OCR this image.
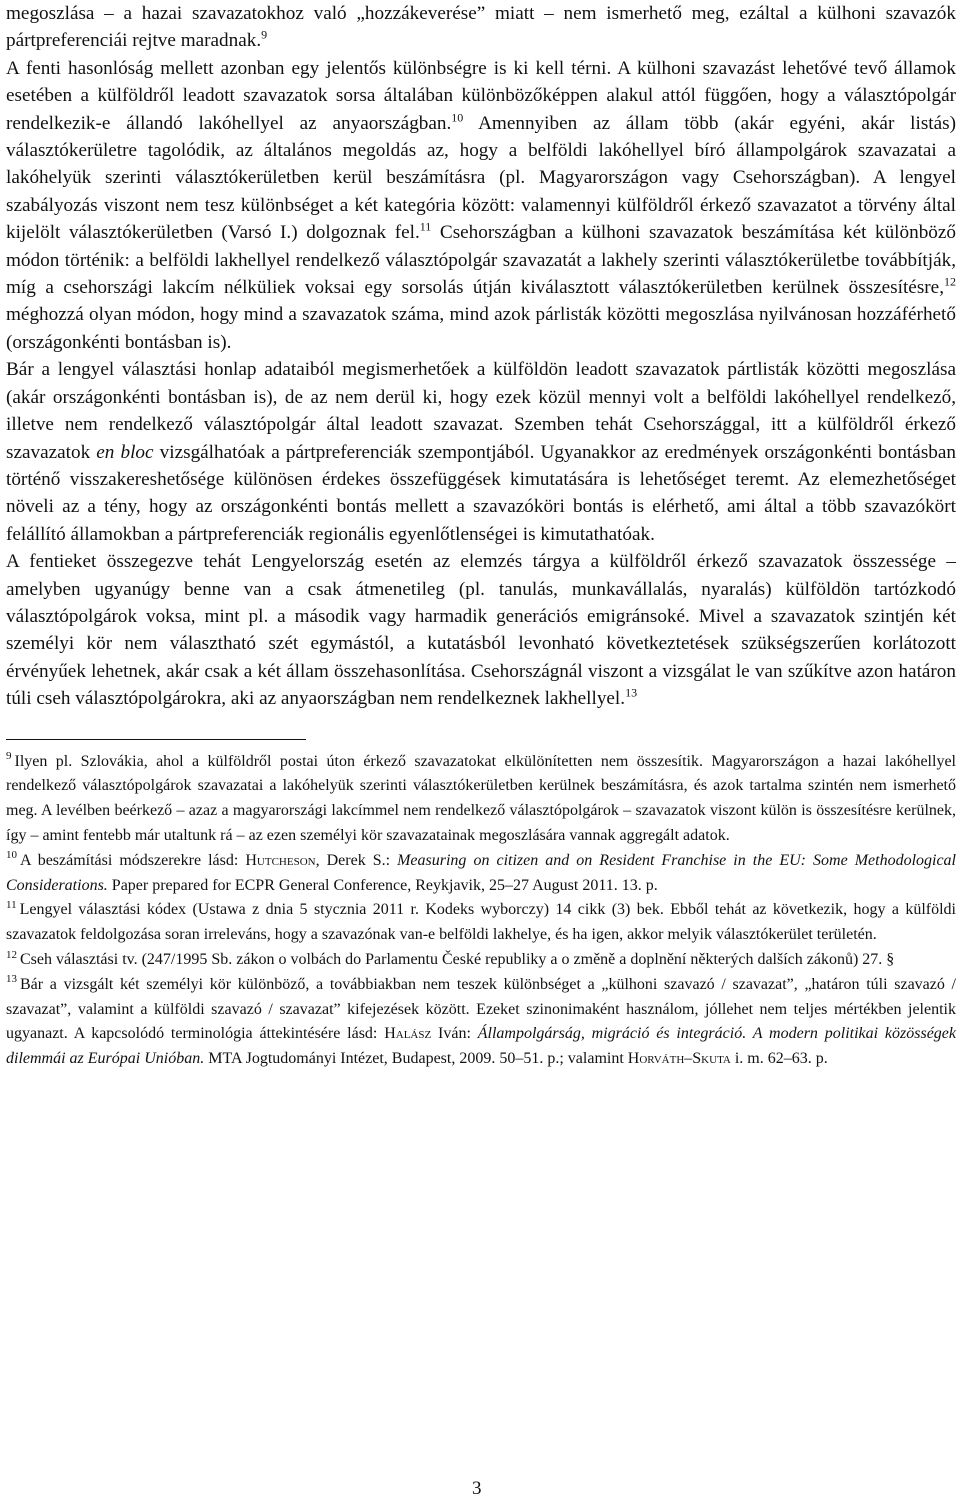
megoszlása – a hazai szavazatokhoz való „hozzákeverése” miatt – nem ismerhető meg, ezáltal a külhoni szavazók pártpreferenciái rejtve maradnak.$^9$
A fenti hasonlóság mellett azonban egy jelentős különbségre is ki kell térni. A külhoni szavazást lehetővé tevő államok esetében a külföldről leadott szavazatok sorsa általában különbözőképpen alakul attól függően, hogy a választópolgár rendelkezik-e állandó lakóhellyel az anyaországban.$^{10}$ Amennyiben az állam több (akár egyéni, akár listás) választókerületre tagolódik, az általános megoldás az, hogy a belföldi lakóhellyel bíró állampolgárok szavazatai a lakóhelyük szerinti választókerületben kerül beszámításra (pl. Magyarországon vagy Csehországban). A lengyel szabályozás viszont nem tesz különbséget a két kategória között: valamennyi külföldről érkező szavazatot a törvény által kijelölt választókerületben (Varsó I.) dolgoznak fel.$^{11}$ Csehországban a külhoni szavazatok beszámítása két különböző módon történik: a belföldi lakhellyel rendelkező választópolgár szavazatát a lakhely szerinti választókerületbe továbbítják, míg a csehországi lakcím nélküliek voksai egy sorsolás útján kiválasztott választókerületben kerülnek összesítésre,$^{12}$ méghozzá olyan módon, hogy mind a szavazatok száma, mind azok párlisták közötti megoszlása nyilvánosan hozzáférhető (országonkénti bontásban is).

Bár a lengyel választási honlap adataiból megismerhetőek a külföldön leadott szavazatok pártlisták közötti megoszlása (akár országonkénti bontásban is), de az nem derül ki, hogy ezek közül mennyi volt a belföldi lakóhellyel rendelkező, illetve nem rendelkező választópolgár által leadott szavazat. Szemben tehát Csehországgal, itt a külföldről érkező szavazatok en bloc vizsgálhatóak a pártpreferenciák szempontjából. Ugyanakkor az eredmények országonkénti bontásban történő visszakereshetősége különösen érdekes összefüggések kimutatására is lehetőséget teremt. Az elemezhetőséget növeli az a tény, hogy az országonkénti bontás mellett a szavazóköri bontás is elérhető, ami által a több szavazókört felállító államokban a pártpreferenciák regionális egyenlőtlenségei is kimutathatóak.

A fentieket összegezve tehát Lengyelország esetén az elemzés tárgya a külföldről érkező szavazatok összessége – amelyben ugyanúgy benne van a csak átmenetileg (pl. tanulás, munkavállalás, nyaralás) külföldön tartózkodó választópolgárok voksa, mint pl. a második vagy harmadik generációs emigránsoké. Mivel a szavazatok szintjén két személyi kör nem választható szét egymástól, a kutatásból levonható következtetések szükségszerűen korlátozott érvényűek lehetnek, akár csak a két állam összehasonlítása. Csehországnál viszont a vizsgálat le van szűkítve azon határon túli cseh választópolgárokra, aki az anyaországban nem rendelkeznek lakhellyel.$^{13}$

$^9$ Ilyen pl. Szlovákia, ahol a külföldről postai úton érkező szavazatokat elkülönítetten nem összesítik. Magyarországon a hazai lakóhellyel rendelkező választópolgárok szavazatai a lakóhelyük szerinti választókerületben kerülnek beszámításra, és azok tartalma szintén nem ismerhető meg. A levélben beérkező – azaz a magyarországi lakcímmel nem rendelkező választópolgárok – szavazatok viszont külön is összesítésre kerülnek, így – amint fentebb már utaltunk rá – az ezen személyi kör szavazatainak megoszlására vannak aggregált adatok.

$^{10}$ A beszámítási módszerekre lásd: Hutcheson, Derek S.: Measuring on citizen and on Resident Franchise in the EU: Some Methodological Considerations. Paper prepared for ECPR General Conference, Reykjavik, 25–27 August 2011. 13. p.

$^{11}$ Lengyel választási kódex (Ustawa z dnia 5 stycznia 2011 r. Kodeks wyborczy) 14 cikk (3) bek. Ebből tehát az következik, hogy a külföldi szavazatok feldolgozása soran irreleváns, hogy a szavazónak van-e belföldi lakhelye, és ha igen, akkor melyik választókerület területén.

$^{12}$ Cseh választási tv. (247/1995 Sb. zákon o volbách do Parlamentu České republiky a o změně a doplnění některých dalších zákonů) 27. §

$^{13}$ Bár a vizsgált két személyi kör különböző, a továbbiakban nem teszek különbséget a „külhoni szavazó / szavazat”, „határon túli szavazó / szavazat”, valamint a külföldi szavazó / szavazat” kifejezések között. Ezeket szinonimaként használom, jóllehet nem teljes mértékben jelentik ugyanazt. A kapcsolódó terminológia áttekintésére lásd: Halász Iván: Állampolgárság, migráció és integráció. A modern politikai közösségek dilemmái az Európai Unióban. MTA Jogtudományi Intézet, Budapest, 2009. 50–51. p.; valamint Horváth–Skuta i. m. 62–63. p.

3
